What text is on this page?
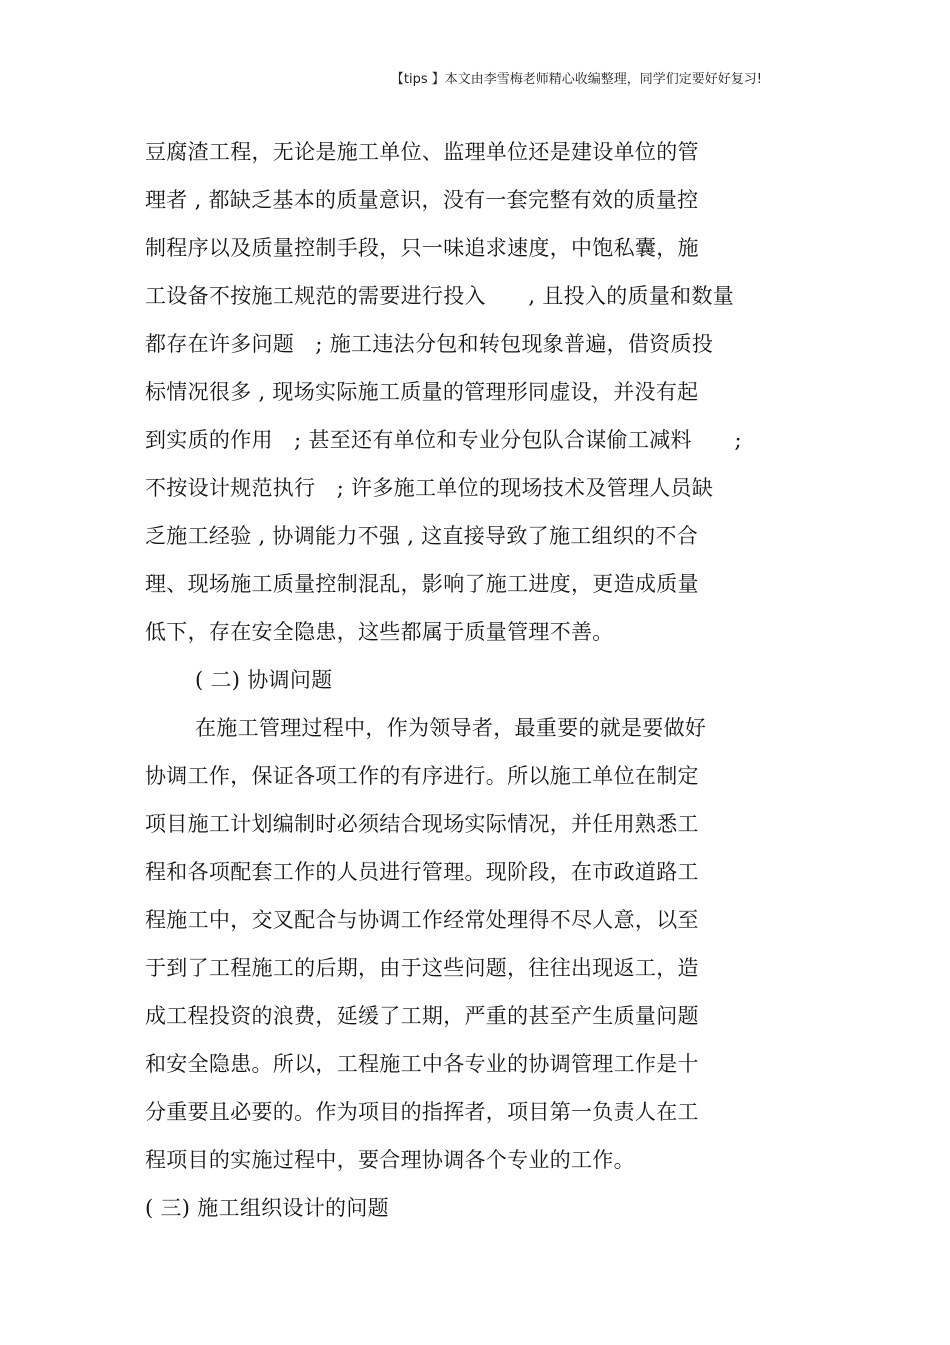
【tips 】本文由李雪梅老师精心收编整理，同学们定要好好复习!
豆腐渣工程，无论是施工单位、监理单位还是建设单位的管
理者 , 都缺乏基本的质量意识，没有一套完整有效的质量控
制程序以及质量控制手段，只一味追求速度，中饱私囊，施
工设备不按施工规范的需要进行投入　　, 且投入的质量和数量
都存在许多问题　; 施工违法分包和转包现象普遍，借资质投
标情况很多 , 现场实际施工质量的管理形同虚设，并没有起
到实质的作用　; 甚至还有单位和专业分包队合谋偷工减料　　;
不按设计规范执行　; 许多施工单位的现场技术及管理人员缺
乏施工经验 , 协调能力不强 , 这直接导致了施工组织的不合
理、现场施工质量控制混乱，影响了施工进度，更造成质量
低下，存在安全隐患，这些都属于质量管理不善。
( 二) 协调问题
在施工管理过程中，作为领导者，最重要的就是要做好
协调工作，保证各项工作的有序进行。所以施工单位在制定
项目施工计划编制时必须结合现场实际情况，并任用熟悉工
程和各项配套工作的人员进行管理。现阶段，在市政道路工
程施工中，交叉配合与协调工作经常处理得不尽人意，以至
于到了工程施工的后期，由于这些问题，往往出现返工，造
成工程投资的浪费，延缓了工期，严重的甚至产生质量问题
和安全隐患。所以，工程施工中各专业的协调管理工作是十
分重要且必要的。作为项目的指挥者，项目第一负责人在工
程项目的实施过程中，要合理协调各个专业的工作。
( 三) 施工组织设计的问题
